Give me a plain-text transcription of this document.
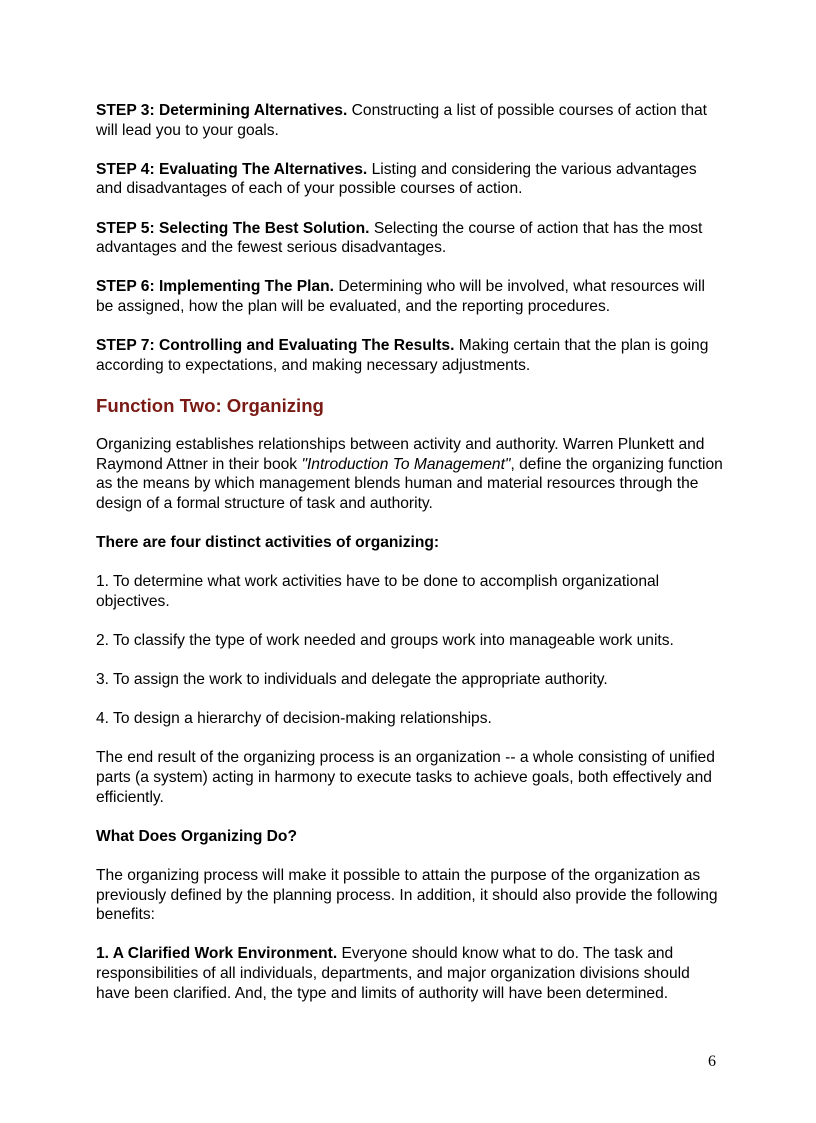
STEP 3: Determining Alternatives. Constructing a list of possible courses of action that will lead you to your goals.

STEP 4: Evaluating The Alternatives. Listing and considering the various advantages and disadvantages of each of your possible courses of action.

STEP 5: Selecting The Best Solution. Selecting the course of action that has the most advantages and the fewest serious disadvantages.

STEP 6: Implementing The Plan. Determining who will be involved, what resources will be assigned, how the plan will be evaluated, and the reporting procedures.

STEP 7: Controlling and Evaluating The Results. Making certain that the plan is going according to expectations, and making necessary adjustments.

Function Two: Organizing

Organizing establishes relationships between activity and authority. Warren Plunkett and Raymond Attner in their book "Introduction To Management", define the organizing function as the means by which management blends human and material resources through the design of a formal structure of task and authority.

There are four distinct activities of organizing:

1. To determine what work activities have to be done to accomplish organizational objectives.

2. To classify the type of work needed and groups work into manageable work units.

3. To assign the work to individuals and delegate the appropriate authority.

4. To design a hierarchy of decision-making relationships.

The end result of the organizing process is an organization -- a whole consisting of unified parts (a system) acting in harmony to execute tasks to achieve goals, both effectively and efficiently.

What Does Organizing Do?

The organizing process will make it possible to attain the purpose of the organization as previously defined by the planning process. In addition, it should also provide the following benefits:

1. A Clarified Work Environment. Everyone should know what to do. The task and responsibilities of all individuals, departments, and major organization divisions should have been clarified. And, the type and limits of authority will have been determined.

6
